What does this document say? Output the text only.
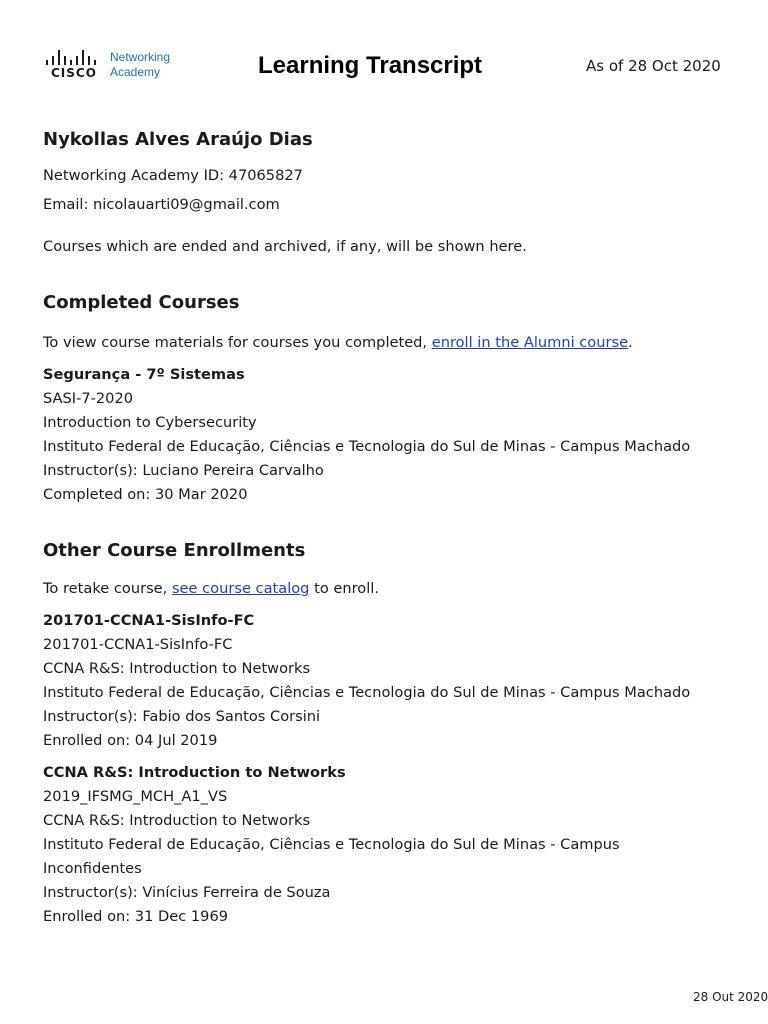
CISCO
Networking
Academy	Learning Transcript	As of 28 Oct 2020

Nykollas Alves Araújo Dias

Networking Academy ID: 47065827

Email: nicolauarti09@gmail.com

Courses which are ended and archived, if any, will be shown here.

Completed Courses

To view course materials for courses you completed, enroll in the Alumni course.

Segurança - 7º Sistemas

SASI-7-2020

Introduction to Cybersecurity

Instituto Federal de Educação, Ciências e Tecnologia do Sul de Minas - Campus Machado

Instructor(s): Luciano Pereira Carvalho

Completed on: 30 Mar 2020

Other Course Enrollments

To retake course, see course catalog to enroll.

201701-CCNA1-SisInfo-FC

201701-CCNA1-SisInfo-FC

CCNA R&S: Introduction to Networks

Instituto Federal de Educação, Ciências e Tecnologia do Sul de Minas - Campus Machado

Instructor(s): Fabio dos Santos Corsini

Enrolled on: 04 Jul 2019

CCNA R&S: Introduction to Networks

2019_IFSMG_MCH_A1_VS

CCNA R&S: Introduction to Networks

Instituto Federal de Educação, Ciências e Tecnologia do Sul de Minas - Campus

Inconfidentes

Instructor(s): Vinícius Ferreira de Souza

Enrolled on: 31 Dec 1969

28 Out 2020
